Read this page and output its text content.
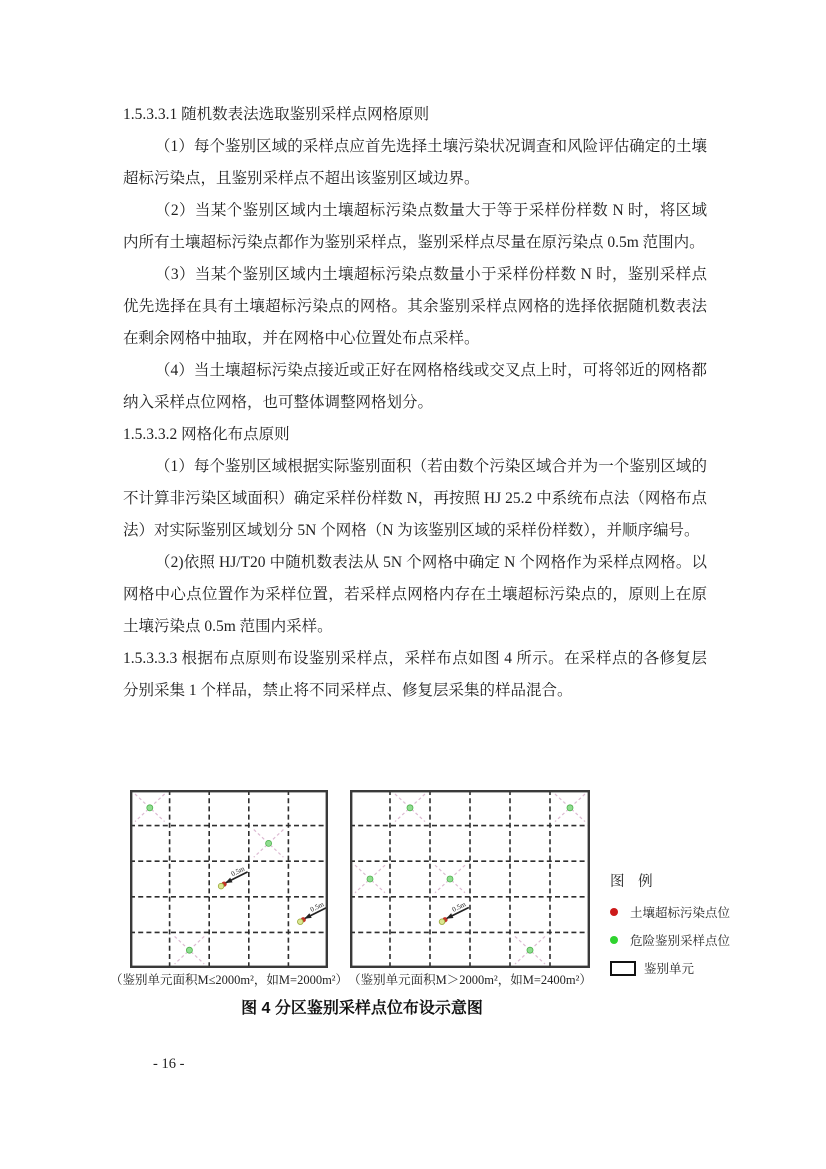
1.5.3.3.1 随机数表法选取鉴别采样点网格原则

（1）每个鉴别区域的采样点应首先选择土壤污染状况调查和风险评估确定的土壤超标污染点，且鉴别采样点不超出该鉴别区域边界。

（2）当某个鉴别区域内土壤超标污染点数量大于等于采样份样数 N 时，将区域内所有土壤超标污染点都作为鉴别采样点，鉴别采样点尽量在原污染点 0.5m 范围内。

（3）当某个鉴别区域内土壤超标污染点数量小于采样份样数 N 时，鉴别采样点优先选择在具有土壤超标污染点的网格。其余鉴别采样点网格的选择依据随机数表法在剩余网格中抽取，并在网格中心位置处布点采样。

（4）当土壤超标污染点接近或正好在网格格线或交叉点上时，可将邻近的网格都纳入采样点位网格，也可整体调整网格划分。

1.5.3.3.2 网格化布点原则

（1）每个鉴别区域根据实际鉴别面积（若由数个污染区域合并为一个鉴别区域的不计算非污染区域面积）确定采样份样数 N，再按照 HJ 25.2 中系统布点法（网格布点法）对实际鉴别区域划分 5N 个网格（N 为该鉴别区域的采样份样数），并顺序编号。

（2)依照 HJ/T20 中随机数表法从 5N 个网格中确定 N 个网格作为采样点网格。以网格中心点位置作为采样位置，若采样点网格内存在土壤超标污染点的，原则上在原土壤污染点 0.5m 范围内采样。

1.5.3.3.3 根据布点原则布设鉴别采样点，采样布点如图 4 所示。在采样点的各修复层分别采集 1 个样品，禁止将不同采样点、修复层采集的样品混合。

0.5m
0.5m	0.5m
图 例
土壤超标污染点位
危险鉴别采样点位
鉴别单元
（鉴别单元面积M≤2000m²，如M=2000m²） （鉴别单元面积M＞2000m²，如M=2400m²）
图 4 分区鉴别采样点位布设示意图
- 16 -
